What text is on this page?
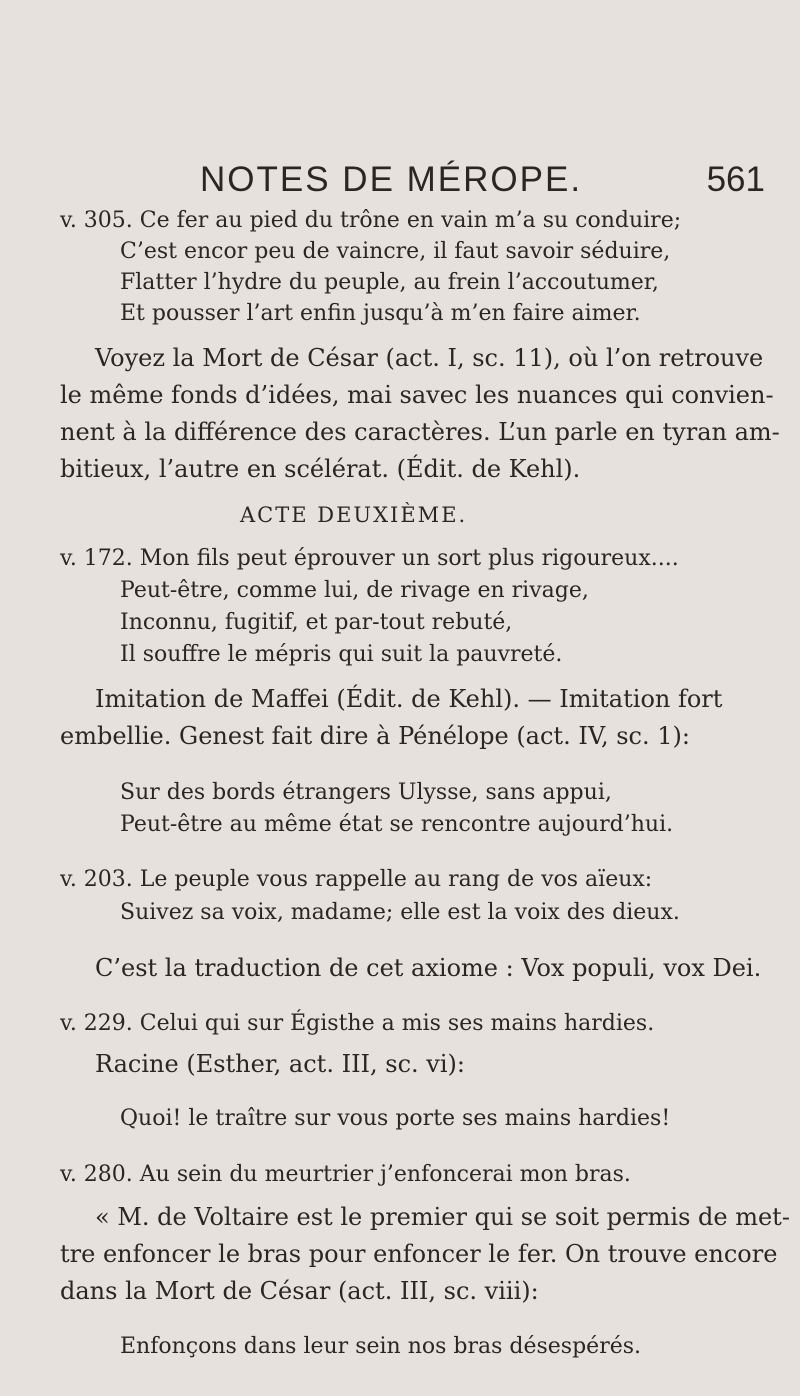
NOTES DE MÉROPE.	561
v. 305. Ce fer au pied du trône en vain m’a su conduire;
C’est encor peu de vaincre, il faut savoir séduire,
Flatter l’hydre du peuple, au frein l’accoutumer,
Et pousser l’art enfin jusqu’à m’en faire aimer.
Voyez la Mort de César (act. I, sc. 11), où l’on retrouve
le même fonds d’idées, mai savec les nuances qui convien-
nent à la différence des caractères. L’un parle en tyran am-
bitieux, l’autre en scélérat. (Édit. de Kehl).
ACTE DEUXIÈME.
v. 172. Mon fils peut éprouver un sort plus rigoureux....
Peut-être, comme lui, de rivage en rivage,
Inconnu, fugitif, et par-tout rebuté,
Il souffre le mépris qui suit la pauvreté.
Imitation de Maffei (Édit. de Kehl). — Imitation fort
embellie. Genest fait dire à Pénélope (act. IV, sc. 1):
Sur des bords étrangers Ulysse, sans appui,
Peut-être au même état se rencontre aujourd’hui.
v. 203. Le peuple vous rappelle au rang de vos aïeux:
Suivez sa voix, madame; elle est la voix des dieux.
C’est la traduction de cet axiome : Vox populi, vox Dei.
v. 229. Celui qui sur Égisthe a mis ses mains hardies.
Racine (Esther, act. III, sc. vi):
Quoi! le traître sur vous porte ses mains hardies!
v. 280. Au sein du meurtrier j’enfoncerai mon bras.
« M. de Voltaire est le premier qui se soit permis de met-
tre enfoncer le bras pour enfoncer le fer. On trouve encore
dans la Mort de César (act. III, sc. viii):
Enfonçons dans leur sein nos bras désespérés.
